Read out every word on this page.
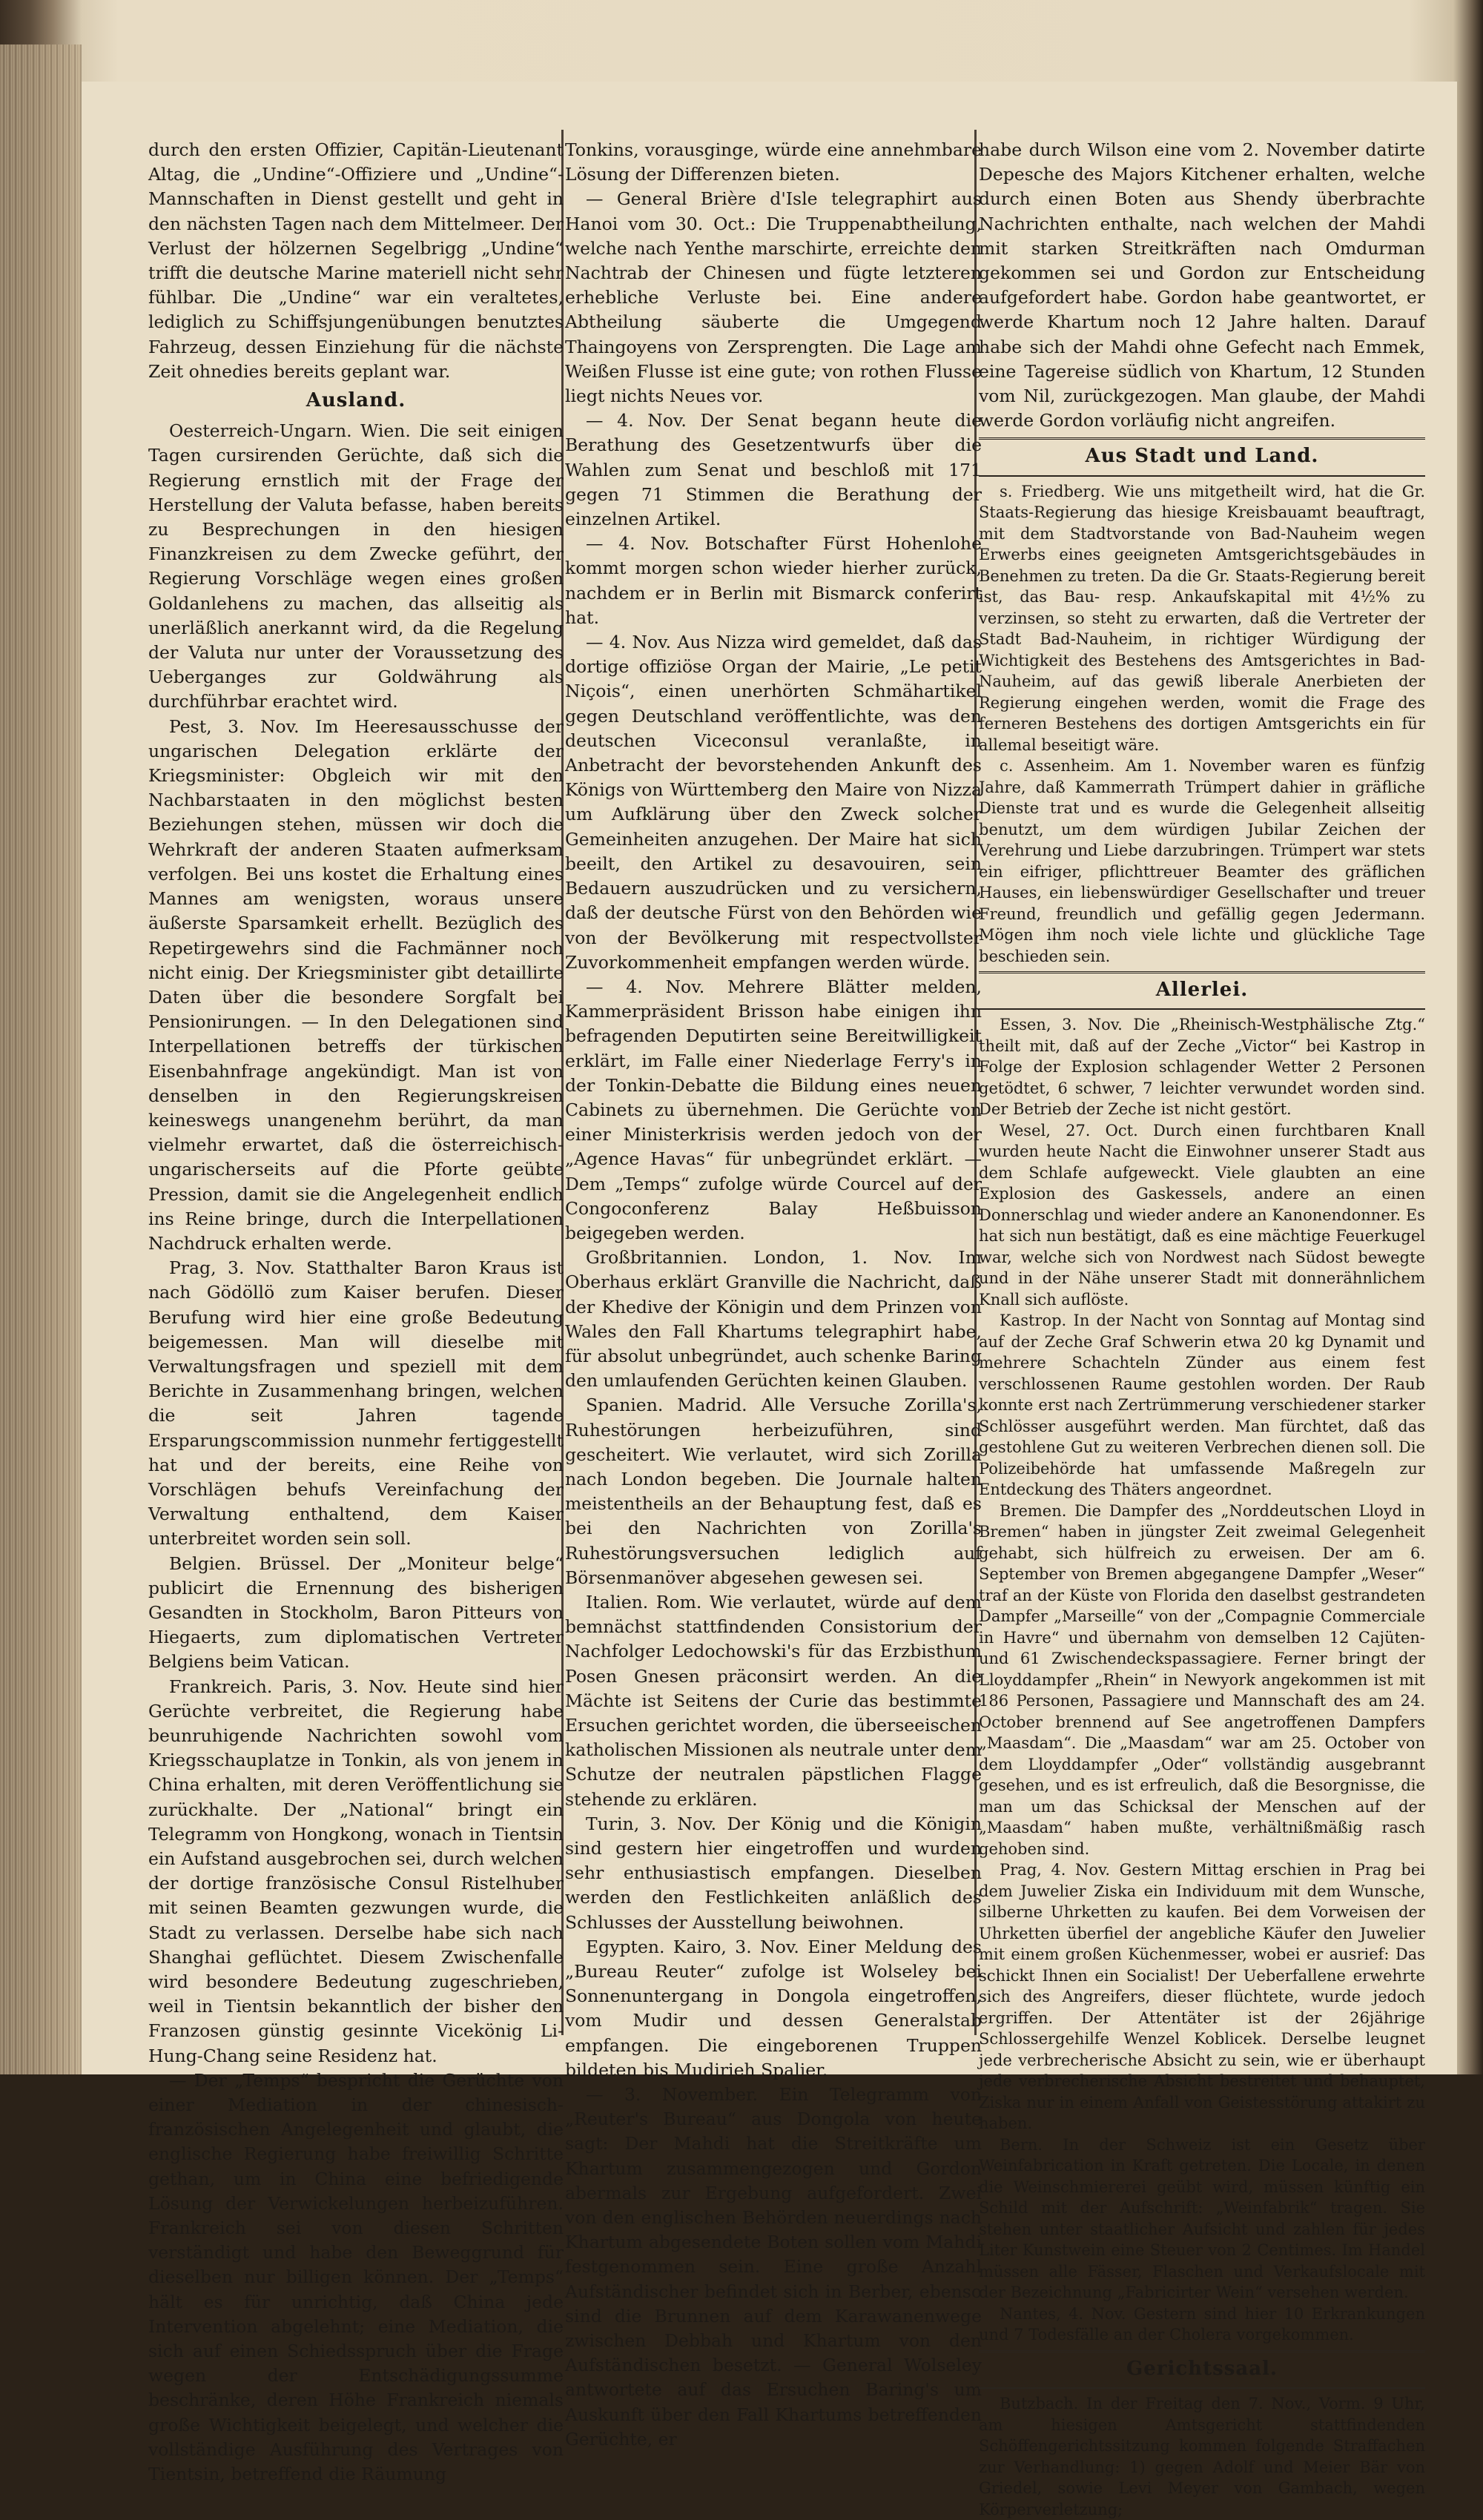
durch den ersten Offizier, Capitän-Lieutenant Altag, die „Undine“-Offiziere und „Undine“-Mannschaften in Dienst gestellt und geht in den nächsten Tagen nach dem Mittelmeer. Der Verlust der hölzernen Segelbrigg „Undine“ trifft die deutsche Marine materiell nicht sehr fühlbar. Die „Undine“ war ein veraltetes, lediglich zu Schiffsjungenübungen benutztes Fahrzeug, dessen Einziehung für die nächste Zeit ohnedies bereits geplant war.

Ausland.

Oesterreich-Ungarn. Wien. Die seit einigen Tagen cursirenden Gerüchte, daß sich die Regierung ernstlich mit der Frage der Herstellung der Valuta befasse, haben bereits zu Besprechungen in den hiesigen Finanzkreisen zu dem Zwecke geführt, der Regierung Vorschläge wegen eines großen Goldanlehens zu machen, das allseitig als unerläßlich anerkannt wird, da die Regelung der Valuta nur unter der Voraussetzung des Ueberganges zur Goldwährung als durchführbar erachtet wird.

Pest, 3. Nov. Im Heeresausschusse der ungarischen Delegation erklärte der Kriegsminister: Obgleich wir mit den Nachbarstaaten in den möglichst besten Beziehungen stehen, müssen wir doch die Wehrkraft der anderen Staaten aufmerksam verfolgen. Bei uns kostet die Erhaltung eines Mannes am wenigsten, woraus unsere äußerste Sparsamkeit erhellt. Bezüglich des Repetirgewehrs sind die Fachmänner noch nicht einig. Der Kriegsminister gibt detaillirte Daten über die besondere Sorgfalt bei Pensionirungen. — In den Delegationen sind Interpellationen betreffs der türkischen Eisenbahnfrage angekündigt. Man ist von denselben in den Regierungskreisen keineswegs unangenehm berührt, da man vielmehr erwartet, daß die österreichisch-ungarischerseits auf die Pforte geübte Pression, damit sie die Angelegenheit endlich ins Reine bringe, durch die Interpellationen Nachdruck erhalten werde.

Prag, 3. Nov. Statthalter Baron Kraus ist nach Gödöllö zum Kaiser berufen. Dieser Berufung wird hier eine große Bedeutung beigemessen. Man will dieselbe mit Verwaltungsfragen und speziell mit dem Berichte in Zusammenhang bringen, welchen die seit Jahren tagende Ersparungscommission nunmehr fertiggestellt hat und der bereits, eine Reihe von Vorschlägen behufs Vereinfachung der Verwaltung enthaltend, dem Kaiser unterbreitet worden sein soll.

Belgien. Brüssel. Der „Moniteur belge“ publicirt die Ernennung des bisherigen Gesandten in Stockholm, Baron Pitteurs von Hiegaerts, zum diplomatischen Vertreter Belgiens beim Vatican.

Frankreich. Paris, 3. Nov. Heute sind hier Gerüchte verbreitet, die Regierung habe beunruhigende Nachrichten sowohl vom Kriegsschauplatze in Tonkin, als von jenem in China erhalten, mit deren Veröffentlichung sie zurückhalte. Der „National“ bringt ein Telegramm von Hongkong, wonach in Tientsin ein Aufstand ausgebrochen sei, durch welchen der dortige französische Consul Ristelhuber mit seinen Beamten gezwungen wurde, die Stadt zu verlassen. Derselbe habe sich nach Shanghai geflüchtet. Diesem Zwischenfalle wird besondere Bedeutung zugeschrieben, weil in Tientsin bekanntlich der bisher den Franzosen günstig gesinnte Vicekönig Li-Hung-Chang seine Residenz hat.

— Der „Temps“ bespricht die Gerüchte von einer Mediation in der chinesisch-französischen Angelegenheit und glaubt, die englische Regierung habe freiwillig Schritte gethan, um in China eine befriedigende Lösung der Verwickelungen herbeizuführen. Frankreich sei von diesen Schritten verständigt und habe den Beweggrund für dieselben nur billigen können. Der „Temps“ hält es für unrichtig, daß China jede Intervention abgelehnt; eine Mediation, die sich auf einen Schiedsspruch über die Frage wegen der Entschädigungssumme beschränke, deren Höhe Frankreich niemals große Wichtigkeit beigelegt, und welcher die vollständige Ausführung des Vertrages von Tientsin, betreffend die Räumung

Tonkins, vorausginge, würde eine annehmbare Lösung der Differenzen bieten.

— General Brière d'Isle telegraphirt aus Hanoi vom 30. Oct.: Die Truppenabtheilung, welche nach Yenthe marschirte, erreichte den Nachtrab der Chinesen und fügte letzteren erhebliche Verluste bei. Eine andere Abtheilung säuberte die Umgegend Thaingoyens von Zersprengten. Die Lage am Weißen Flusse ist eine gute; von rothen Flusse liegt nichts Neues vor.

— 4. Nov. Der Senat begann heute die Berathung des Gesetzentwurfs über die Wahlen zum Senat und beschloß mit 171 gegen 71 Stimmen die Berathung der einzelnen Artikel.

— 4. Nov. Botschafter Fürst Hohenlohe kommt morgen schon wieder hierher zurück, nachdem er in Berlin mit Bismarck conferirt hat.

— 4. Nov. Aus Nizza wird gemeldet, daß das dortige offiziöse Organ der Mairie, „Le petit Niçois“, einen unerhörten Schmähartikel gegen Deutschland veröffentlichte, was den deutschen Viceconsul veranlaßte, in Anbetracht der bevorstehenden Ankunft des Königs von Württemberg den Maire von Nizza um Aufklärung über den Zweck solcher Gemeinheiten anzugehen. Der Maire hat sich beeilt, den Artikel zu desavouiren, sein Bedauern auszudrücken und zu versichern, daß der deutsche Fürst von den Behörden wie von der Bevölkerung mit respectvollster Zuvorkommenheit empfangen werden würde.

— 4. Nov. Mehrere Blätter melden, Kammerpräsident Brisson habe einigen ihn befragenden Deputirten seine Bereitwilligkeit erklärt, im Falle einer Niederlage Ferry's in der Tonkin-Debatte die Bildung eines neuen Cabinets zu übernehmen. Die Gerüchte von einer Ministerkrisis werden jedoch von der „Agence Havas“ für unbegründet erklärt. — Dem „Temps“ zufolge würde Courcel auf der Congoconferenz Balay Heßbuisson beigegeben werden.

Großbritannien. London, 1. Nov. Im Oberhaus erklärt Granville die Nachricht, daß der Khedive der Königin und dem Prinzen von Wales den Fall Khartums telegraphirt habe, für absolut unbegründet, auch schenke Baring den umlaufenden Gerüchten keinen Glauben.

Spanien. Madrid. Alle Versuche Zorilla's, Ruhestörungen herbeizuführen, sind gescheitert. Wie verlautet, wird sich Zorilla nach London begeben. Die Journale halten meistentheils an der Behauptung fest, daß es bei den Nachrichten von Zorilla's Ruhestörungsversuchen lediglich auf Börsenmanöver abgesehen gewesen sei.

Italien. Rom. Wie verlautet, würde auf dem bemnächst stattfindenden Consistorium der Nachfolger Ledochowski's für das Erzbisthum Posen Gnesen präconsirt werden. An die Mächte ist Seitens der Curie das bestimmte Ersuchen gerichtet worden, die überseeischen katholischen Missionen als neutrale unter dem Schutze der neutralen päpstlichen Flagge stehende zu erklären.

Turin, 3. Nov. Der König und die Königin sind gestern hier eingetroffen und wurden sehr enthusiastisch empfangen. Dieselben werden den Festlichkeiten anläßlich des Schlusses der Ausstellung beiwohnen.

Egypten. Kairo, 3. Nov. Einer Meldung des „Bureau Reuter“ zufolge ist Wolseley bei Sonnenuntergang in Dongola eingetroffen, vom Mudir und dessen Generalstab empfangen. Die eingeborenen Truppen bildeten bis Mudirieh Spalier.

— 3. November. Ein Telegramm von „Reuter's Bureau“ aus Dongola von heute sagt: Der Mahdi hat die Streitkräfte um Khartum zusammengezogen und Gordon abermals zur Ergebung aufgefordert. Zwei von den englischen Behörden neuerdings nach Khartum abgesendete Boten sollen vom Mahdi festgenommen sein. Eine große Anzahl Aufständischer befindet sich in Berber, ebenso sind die Brunnen auf dem Karawanenwege zwischen Debbah und Khartum von den Aufständischen besetzt. — General Wolseley antwortete auf das Ersuchen Baring's um Auskunft über den Fall Khartums betreffenden Gerüchte, er

habe durch Wilson eine vom 2. November datirte Depesche des Majors Kitchener erhalten, welche durch einen Boten aus Shendy überbrachte Nachrichten enthalte, nach welchen der Mahdi mit starken Streitkräften nach Omdurman gekommen sei und Gordon zur Entscheidung aufgefordert habe. Gordon habe geantwortet, er werde Khartum noch 12 Jahre halten. Darauf habe sich der Mahdi ohne Gefecht nach Emmek, eine Tagereise südlich von Khartum, 12 Stunden vom Nil, zurückgezogen. Man glaube, der Mahdi werde Gordon vorläufig nicht angreifen.

Aus Stadt und Land.

s. Friedberg. Wie uns mitgetheilt wird, hat die Gr. Staats-Regierung das hiesige Kreisbauamt beauftragt, mit dem Stadtvorstande von Bad-Nauheim wegen Erwerbs eines geeigneten Amtsgerichtsgebäudes in Benehmen zu treten. Da die Gr. Staats-Regierung bereit ist, das Bau- resp. Ankaufskapital mit 4½% zu verzinsen, so steht zu erwarten, daß die Vertreter der Stadt Bad-Nauheim, in richtiger Würdigung der Wichtigkeit des Bestehens des Amtsgerichtes in Bad-Nauheim, auf das gewiß liberale Anerbieten der Regierung eingehen werden, womit die Frage des ferneren Bestehens des dortigen Amtsgerichts ein für allemal beseitigt wäre.

c. Assenheim. Am 1. November waren es fünfzig Jahre, daß Kammerrath Trümpert dahier in gräfliche Dienste trat und es wurde die Gelegenheit allseitig benutzt, um dem würdigen Jubilar Zeichen der Verehrung und Liebe darzubringen. Trümpert war stets ein eifriger, pflichttreuer Beamter des gräflichen Hauses, ein liebenswürdiger Gesellschafter und treuer Freund, freundlich und gefällig gegen Jedermann. Mögen ihm noch viele lichte und glückliche Tage beschieden sein.

Allerlei.

Essen, 3. Nov. Die „Rheinisch-Westphälische Ztg.“ theilt mit, daß auf der Zeche „Victor“ bei Kastrop in Folge der Explosion schlagender Wetter 2 Personen getödtet, 6 schwer, 7 leichter verwundet worden sind. Der Betrieb der Zeche ist nicht gestört.

Wesel, 27. Oct. Durch einen furchtbaren Knall wurden heute Nacht die Einwohner unserer Stadt aus dem Schlafe aufgeweckt. Viele glaubten an eine Explosion des Gaskessels, andere an einen Donnerschlag und wieder andere an Kanonendonner. Es hat sich nun bestätigt, daß es eine mächtige Feuerkugel war, welche sich von Nordwest nach Südost bewegte und in der Nähe unserer Stadt mit donnerähnlichem Knall sich auflöste.

Kastrop. In der Nacht von Sonntag auf Montag sind auf der Zeche Graf Schwerin etwa 20 kg Dynamit und mehrere Schachteln Zünder aus einem fest verschlossenen Raume gestohlen worden. Der Raub konnte erst nach Zertrümmerung verschiedener starker Schlösser ausgeführt werden. Man fürchtet, daß das gestohlene Gut zu weiteren Verbrechen dienen soll. Die Polizeibehörde hat umfassende Maßregeln zur Entdeckung des Thäters angeordnet.

Bremen. Die Dampfer des „Norddeutschen Lloyd in Bremen“ haben in jüngster Zeit zweimal Gelegenheit gehabt, sich hülfreich zu erweisen. Der am 6. September von Bremen abgegangene Dampfer „Weser“ traf an der Küste von Florida den daselbst gestrandeten Dampfer „Marseille“ von der „Compagnie Commerciale in Havre“ und übernahm von demselben 12 Cajüten- und 61 Zwischendeckspassagiere. Ferner bringt der Lloyddampfer „Rhein“ in Newyork angekommen ist mit 186 Personen, Passagiere und Mannschaft des am 24. October brennend auf See angetroffenen Dampfers „Maasdam“. Die „Maasdam“ war am 25. October von dem Lloyddampfer „Oder“ vollständig ausgebrannt gesehen, und es ist erfreulich, daß die Besorgnisse, die man um das Schicksal der Menschen auf der „Maasdam“ haben mußte, verhältnißmäßig rasch gehoben sind.

Prag, 4. Nov. Gestern Mittag erschien in Prag bei dem Juwelier Ziska ein Individuum mit dem Wunsche, silberne Uhrketten zu kaufen. Bei dem Vorweisen der Uhrketten überfiel der angebliche Käufer den Juwelier mit einem großen Küchenmesser, wobei er ausrief: Das schickt Ihnen ein Socialist! Der Ueberfallene erwehrte sich des Angreifers, dieser flüchtete, wurde jedoch ergriffen. Der Attentäter ist der 26jährige Schlossergehilfe Wenzel Koblicek. Derselbe leugnet jede verbrecherische Absicht zu sein, wie er überhaupt jede verbrecherische Absicht bestreitet und behauptet, Ziska nur in einem Anfall von Geistesstörung attakirt zu haben.

Bern. In der Schweiz ist ein Gesetz über Weinfabrication in Kraft getreten. Die Locale, in denen die Weinschmiererei geübt wird, müssen künftig ein Schild mit der Aufschrift: „Weinfabrik“ tragen. Sie stehen unter staatlicher Aufsicht und zahlen für jedes Liter Kunstwein eine Steuer von 2 Centimes. Im Handel müssen alle Fässer, Flaschen und Verkaufslocale mit der Bezeichnung „Fabricirter Wein“ versehen werden.

Nantes, 4. Nov. Gestern sind hier 10 Erkrankungen und 7 Todesfälle an der Cholera vorgekommen.

Gerichtssaal.

Butzbach. In der Freitag den 7. Nov., Vorm. 9 Uhr, am hiesigen Amtsgericht stattfindenden Schöffengerichtssitzung kommen folgende Straffachen zur Verhandlung: 1) gegen Adolf und Meier Bär von Griedel, sowie Levi Meyer von Gambach, wegen Körperverletzung;
